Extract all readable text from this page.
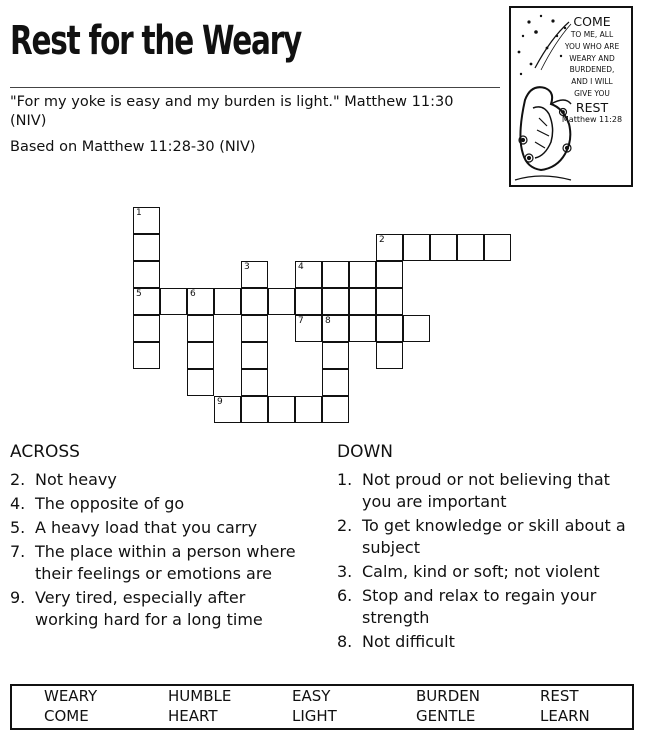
Rest for the Weary
"For my yoke is easy and my burden is light." Matthew 11:30 (NIV)
Based on Matthew 11:28-30 (NIV)
COME
TO ME, ALL
YOU WHO ARE
WEARY AND
BURDENED,
AND I WILL
GIVE YOU
REST
Matthew 11:28
1
2
3	4
5	6
7 8
9
ACROSS
2. Not heavy
4. The opposite of go
5. A heavy load that you carry
7. The place within a person where their feelings or emotions are
9. Very tired, especially after working hard for a long time
DOWN
1. Not proud or not believing that you are important
2. To get knowledge or skill about a subject
3. Calm, kind or soft; not violent
6. Stop and relax to regain your strength
8. Not difficult
WEARY	HUMBLE	EASY	BURDEN	REST
COME	HEART	LIGHT	GENTLE	LEARN
